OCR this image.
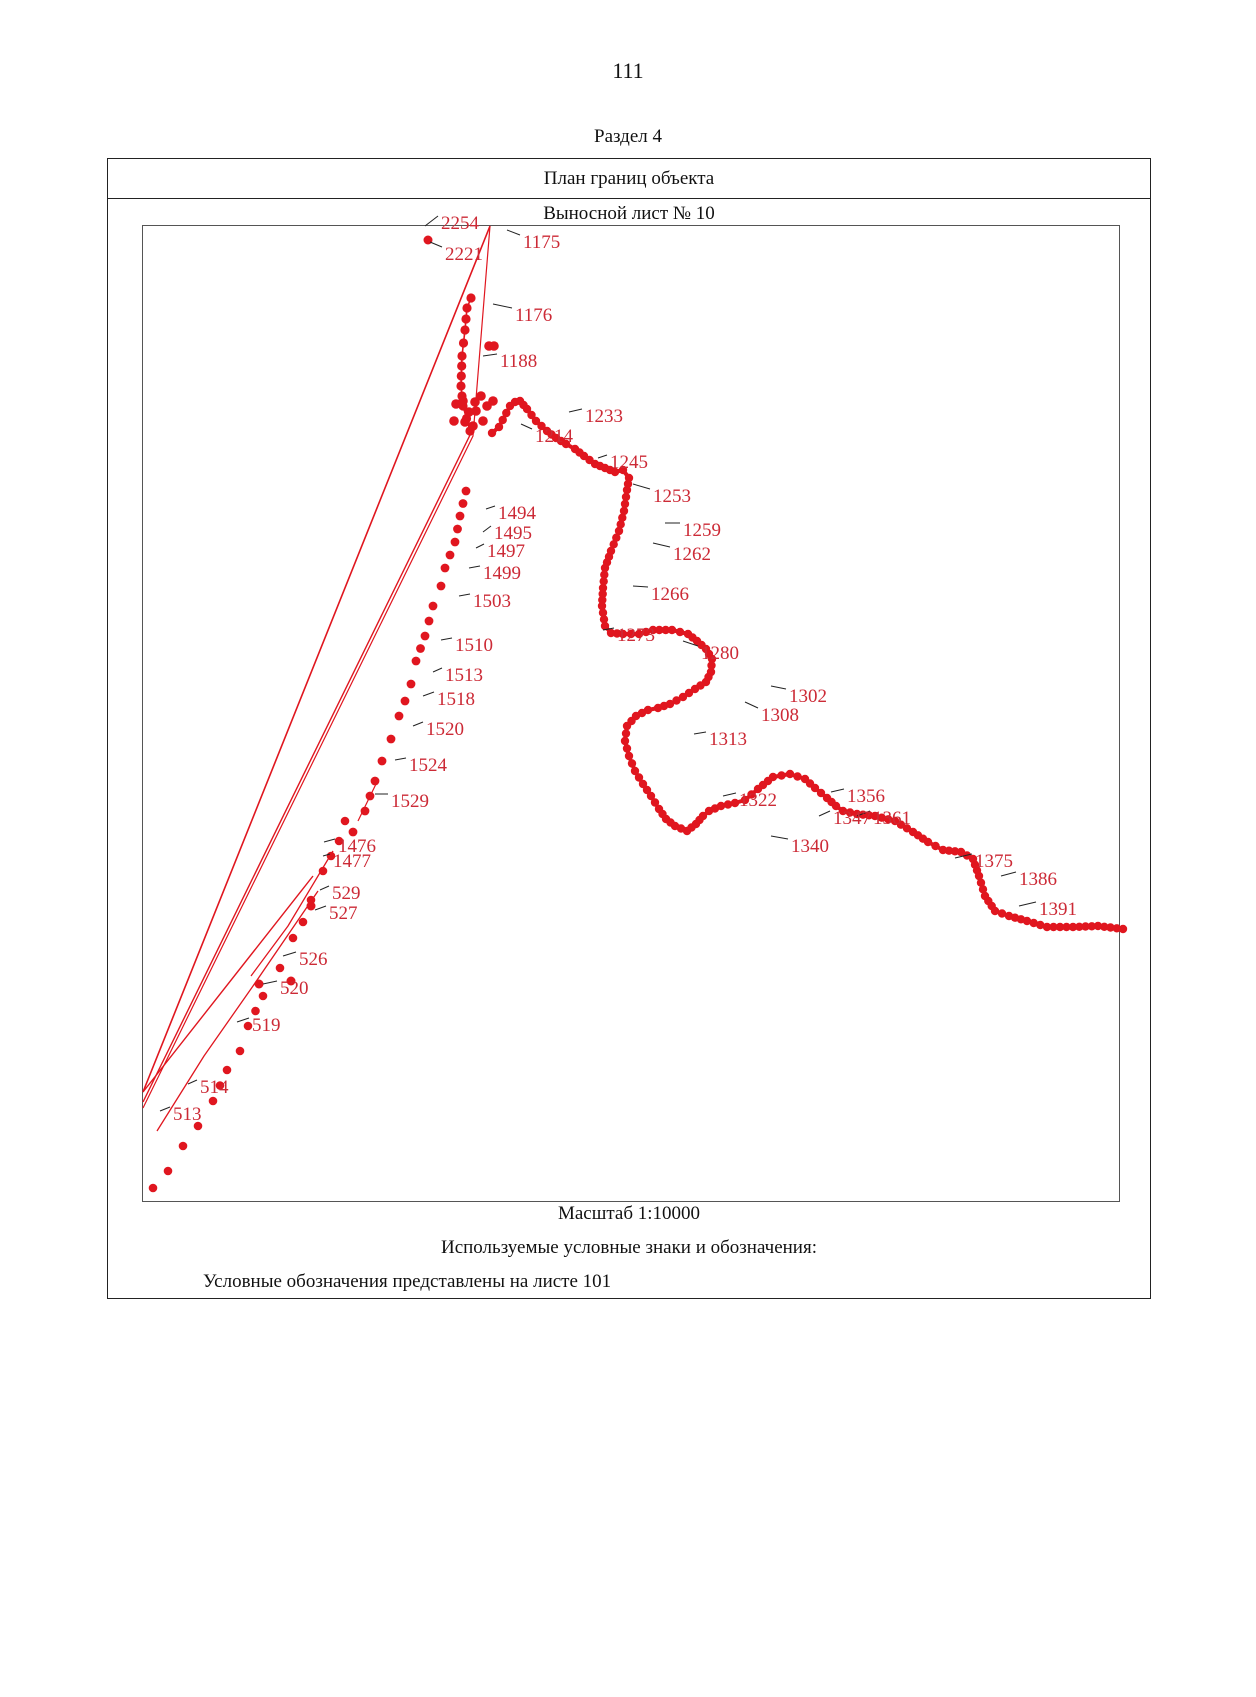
111
Раздел 4
План границ объекта
Выносной лист № 10
2254
2221
1175
1176
1188
1233
1214
1245
1253
1259
1262
1266
1273
1280
1302
1308
1313
1322
1347
1356
1361
1340
1375
1386
1391
1494
1495
1497
1499
1503
1510
1513
1518
1520
1524
1529
1476
1477
529
527
526
520
519
514
513
Масштаб 1:10000
Используемые условные знаки и обозначения:
Условные обозначения представлены на листе 101
